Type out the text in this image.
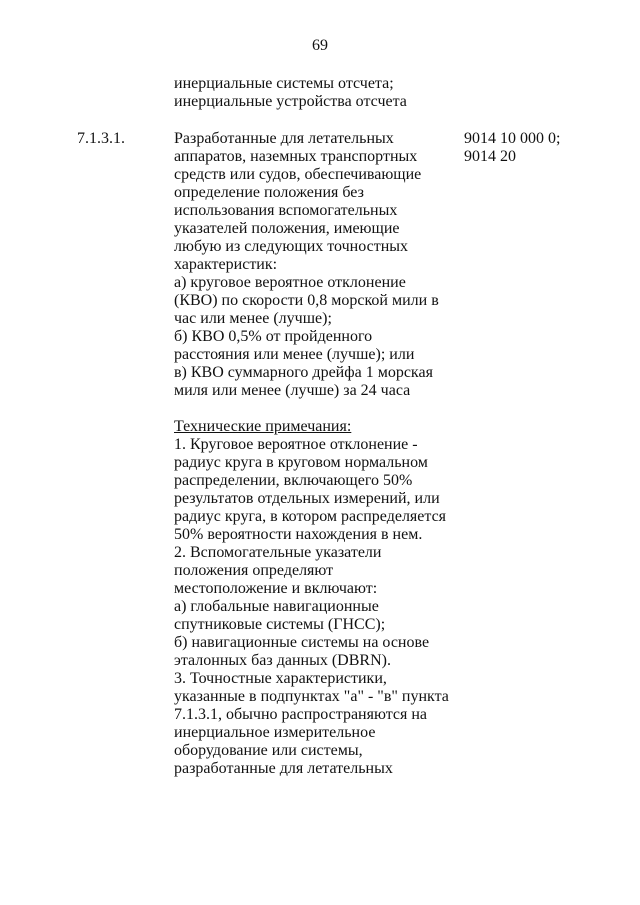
69
инерциальные системы отсчета;
инерциальные устройства отсчета
7.1.3.1.	Разработанные для летательных
аппаратов, наземных транспортных
средств или судов, обеспечивающие
определение положения без
использования вспомогательных
указателей положения, имеющие
любую из следующих точностных
характеристик:
а) круговое вероятное отклонение
(КВО) по скорости 0,8 морской мили в
час или менее (лучше);
б) КВО 0,5% от пройденного
расстояния или менее (лучше); или
в) КВО суммарного дрейфа 1 морская
миля или менее (лучше) за 24 часа
Технические примечания:
1. Круговое вероятное отклонение -
радиус круга в круговом нормальном
распределении, включающего 50%
результатов отдельных измерений, или
радиус круга, в котором распределяется
50% вероятности нахождения в нем.
2. Вспомогательные указатели
положения определяют
местоположение и включают:
а) глобальные навигационные
спутниковые системы (ГНСС);
б) навигационные системы на основе
эталонных баз данных (DBRN).
3. Точностные характеристики,
указанные в подпунктах "а" - "в" пункта
7.1.3.1, обычно распространяются на
инерциальное измерительное
оборудование или системы,
разработанные для летательных
9014 10 000 0;
9014 20
